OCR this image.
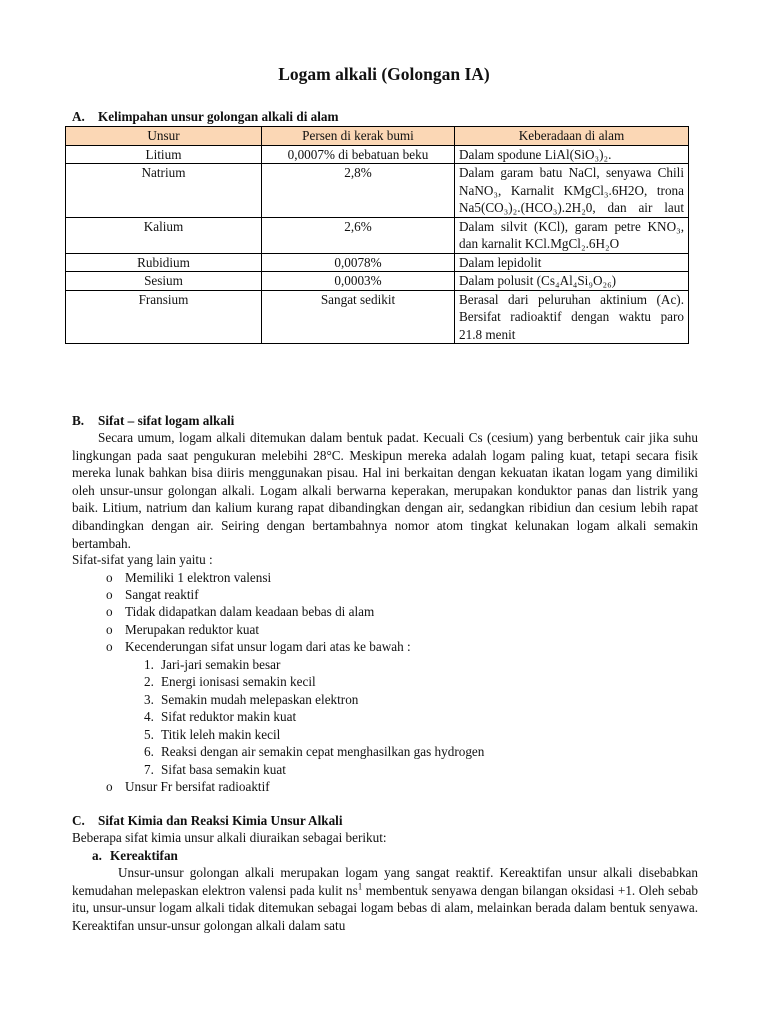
Logam alkali (Golongan IA)
A. Kelimpahan unsur golongan alkali di alam
Unsur	Persen di kerak bumi	Keberadaan di alam
Litium	0,0007% di bebatuan beku	Dalam spodune LiAl(SiO₃)₂.
Natrium	2,8%	Dalam garam batu NaCl, senyawa Chili NaNO₃, Karnalit KMgCl₃.6H2O, trona Na5(CO₃)₂.(HCO₃).2H₂0, dan air laut
Kalium	2,6%	Dalam silvit (KCl), garam petre KNO₃, dan karnalit KCl.MgCl₂.6H₂O
Rubidium	0,0078%	Dalam lepidolit
Sesium	0,0003%	Dalam polusit (Cs₄Al₄Si₉O₂₆)
Fransium	Sangat sedikit	Berasal dari peluruhan aktinium (Ac). Bersifat radioaktif dengan waktu paro 21.8 menit
B. Sifat – sifat logam alkali
Secara umum, logam alkali ditemukan dalam bentuk padat. Kecuali Cs (cesium) yang berbentuk cair jika suhu lingkungan pada saat pengukuran melebihi 28°C. Meskipun mereka adalah logam paling kuat, tetapi secara fisik mereka lunak bahkan bisa diiris menggunakan pisau. Hal ini berkaitan dengan kekuatan ikatan logam yang dimiliki oleh unsur-unsur golongan alkali. Logam alkali berwarna keperakan, merupakan konduktor panas dan listrik yang baik. Litium, natrium dan kalium kurang rapat dibandingkan dengan air, sedangkan ribidiun dan cesium lebih rapat dibandingkan dengan air. Seiring dengan bertambahnya nomor atom tingkat kelunakan logam alkali semakin bertambah.
Sifat-sifat yang lain yaitu :
o Memiliki 1 elektron valensi
o Sangat reaktif
o Tidak didapatkan dalam keadaan bebas di alam
o Merupakan reduktor kuat
o Kecenderungan sifat unsur logam dari atas ke bawah :
1. Jari-jari semakin besar
2. Energi ionisasi semakin kecil
3. Semakin mudah melepaskan elektron
4. Sifat reduktor makin kuat
5. Titik leleh makin kecil
6. Reaksi dengan air semakin cepat menghasilkan gas hydrogen
7. Sifat basa semakin kuat
o Unsur Fr bersifat radioaktif
C. Sifat Kimia dan Reaksi Kimia Unsur Alkali
Beberapa sifat kimia unsur alkali diuraikan sebagai berikut:
a. Kereaktifan
Unsur-unsur golongan alkali merupakan logam yang sangat reaktif. Kereaktifan unsur alkali disebabkan kemudahan melepaskan elektron valensi pada kulit $ns^1$ membentuk senyawa dengan bilangan oksidasi +1. Oleh sebab itu, unsur-unsur logam alkali tidak ditemukan sebagai logam bebas di alam, melainkan berada dalam bentuk senyawa. Kereaktifan unsur-unsur golongan alkali dalam satu
